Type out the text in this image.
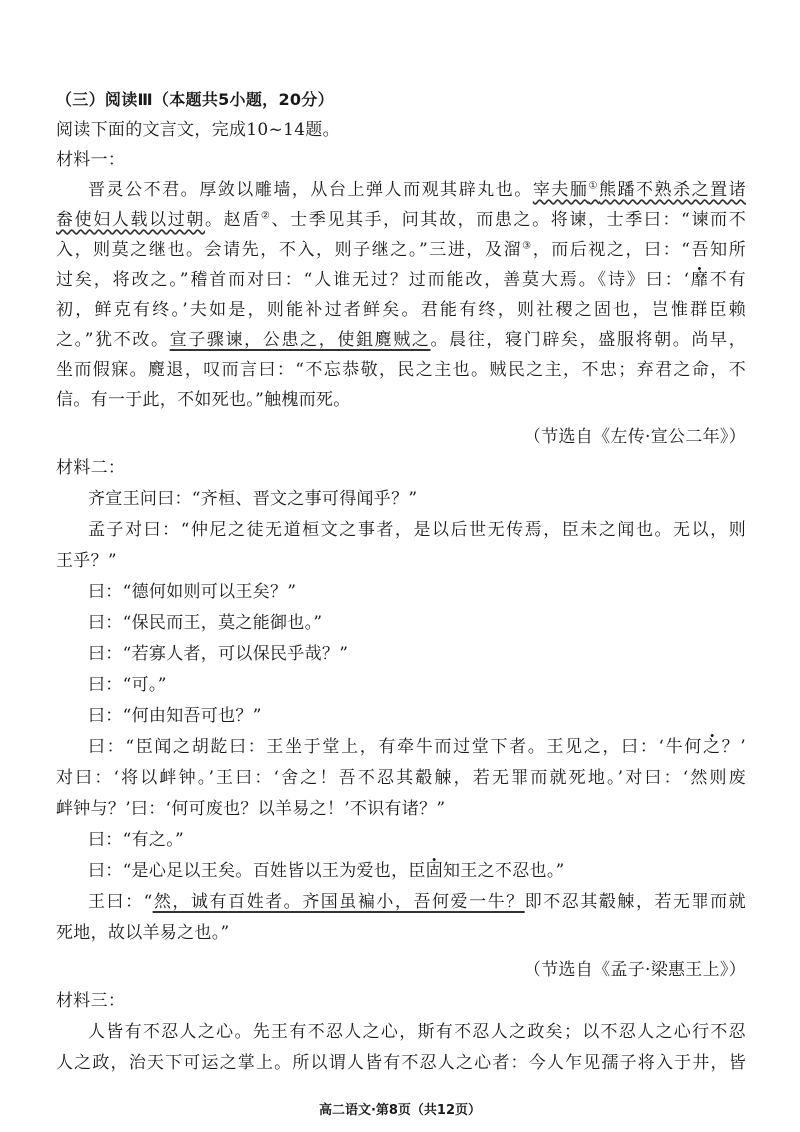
（三）阅读Ⅲ（本题共5小题，20分）
阅读下面的文言文，完成10~14题。
材料一：
晋灵公不君。厚敛以雕墙，从台上弹人而观其辟丸也。宰夫胹①熊蹯不熟杀之置诸
畚使妇人载以过朝。赵盾②、士季见其手，问其故，而患之。将谏，士季曰：“谏而不
入，则莫之继也。会请先，不入，则子继之。”三进，及溜③，而后视之，曰：“吾知所
过矣，将改之。”稽首而对曰：“人谁无过？过而能改，善莫大焉。《诗》曰：‘靡不有
初，鲜克有终。’夫如是，则能补过者鲜矣。君能有终，则社稷之固也，岂惟群臣赖
之。”犹不改。宣子骤谏，公患之，使鉏麑贼之。晨往，寝门辟矣，盛服将朝。尚早，
坐而假寐。麑退，叹而言曰：“不忘恭敬，民之主也。贼民之主，不忠；弃君之命，不
信。有一于此，不如死也。”触槐而死。
（节选自《左传·宣公二年》）
材料二：
齐宣王问曰：“齐桓、晋文之事可得闻乎？”
孟子对曰：“仲尼之徒无道桓文之事者，是以后世无传焉，臣未之闻也。无以，则
王乎？”
曰：“德何如则可以王矣？”
曰：“保民而王，莫之能御也。”
曰：“若寡人者，可以保民乎哉？”
曰：“可。”
曰：“何由知吾可也？”
曰：“臣闻之胡龁曰：王坐于堂上，有牵牛而过堂下者。王见之，曰：‘牛何之？’
对曰：‘将以衅钟。’王曰：‘舍之！吾不忍其觳觫，若无罪而就死地。’对曰：‘然则废
衅钟与？’曰：‘何可废也？以羊易之！’不识有诸？”
曰：“有之。”
曰：“是心足以王矣。百姓皆以王为爱也，臣固知王之不忍也。”
王曰：“然，诚有百姓者。齐国虽褊小，吾何爱一牛？即不忍其觳觫，若无罪而就
死地，故以羊易之也。”
（节选自《孟子·梁惠王上》）
材料三：
人皆有不忍人之心。先王有不忍人之心，斯有不忍人之政矣；以不忍人之心行不忍
人之政，治天下可运之掌上。所以谓人皆有不忍人之心者：今人乍见孺子将入于井，皆
高二语文·第8页（共12页）
